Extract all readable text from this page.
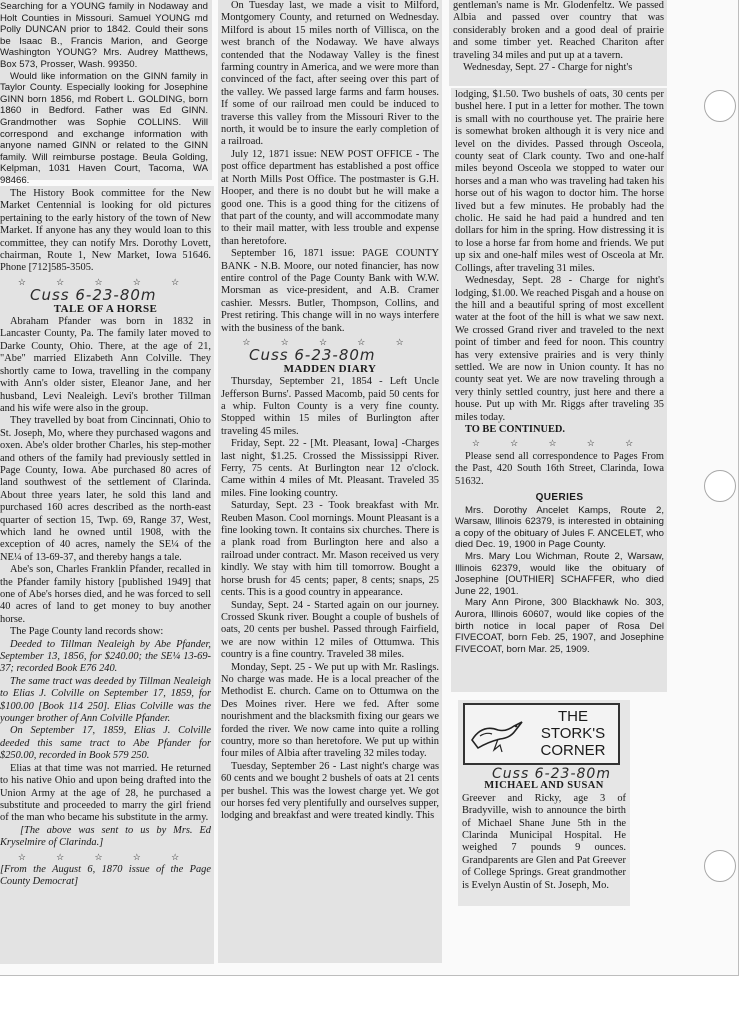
Searching for a YOUNG family in Nodaway and Holt Counties in Missouri. Samuel YOUNG md Polly DUNCAN prior to 1842. Could their sons be Isaac B., Francis Marion, and George Washington YOUNG? Mrs. Audrey Matthews, Box 573, Prosser, Wash. 99350.

Would like information on the GINN family in Taylor County. Especially looking for Josephine GINN born 1856, md Robert L. GOLDING, born 1860 in Bedford. Father was Ed GINN. Grandmother was Sophie COLLINS. Will correspond and exchange information with anyone named GINN or related to the GINN family. Will reimburse postage. Beula Golding, Kelpman, 1031 Haven Court, Tacoma, WA 98466.

The History Book committee for the New Market Centennial is looking for old pictures pertaining to the early history of the town of New Market. If anyone has any they would loan to this committee, they can notify Mrs. Dorothy Lovett, chairman, Route 1, New Market, Iowa 51646. Phone [712]585-3505.

☆ ☆ ☆ ☆ ☆
Cuss 6-23-80m
TALE OF A HORSE

Abraham Pfander was born in 1832 in Lancaster County, Pa. The family later moved to Darke County, Ohio. There, at the age of 21, "Abe" married Elizabeth Ann Colville. They shortly came to Iowa, travelling in the company with Ann's older sister, Eleanor Jane, and her husband, Levi Nealeigh. Levi's brother Tillman and his wife were also in the group.

They travelled by boat from Cincinnati, Ohio to St. Joseph, Mo, where they purchased wagons and oxen. Abe's older brother Charles, his step-mother and others of the family had previously settled in Page County, Iowa. Abe purchased 80 acres of land southwest of the settlement of Clarinda. About three years later, he sold this land and purchased 160 acres described as the north-east quarter of section 15, Twp. 69, Range 37, West, which land he owned until 1908, with the exception of 40 acres, namely the SE¼ of the NE¼ of 13-69-37, and thereby hangs a tale.

Abe's son, Charles Franklin Pfander, recalled in the Pfander family history [published 1949] that one of Abe's horses died, and he was forced to sell 40 acres of land to get money to buy another horse.

The Page County land records show:

Deeded to Tillman Nealeigh by Abe Pfander, September 13, 1856, for $240.00; the SE¼ 13-69-37; recorded Book E76 240.

The same tract was deeded by Tillman Nealeigh to Elias J. Colville on September 17, 1859, for $100.00 [Book 114 250]. Elias Colville was the younger brother of Ann Colville Pfander.

On September 17, 1859, Elias J. Colville deeded this same tract to Abe Pfander for $250.00, recorded in Book 579 250.

Elias at that time was not married. He returned to his native Ohio and upon being drafted into the Union Army at the age of 28, he purchased a substitute and proceeded to marry the girl friend of the man who became his substitute in the army.

[The above was sent to us by Mrs. Ed Kryselmire of Clarinda.]

☆ ☆ ☆ ☆ ☆

[From the August 6, 1870 issue of the Page County Democrat]

On Tuesday last, we made a visit to Milford, Montgomery County, and returned on Wednesday. Milford is about 15 miles north of Villisca, on the west branch of the Nodaway. We have always contended that the Nodaway Valley is the finest farming country in America, and we were more than convinced of the fact, after seeing over this part of the valley. We passed large farms and farm houses. If some of our railroad men could be induced to traverse this valley from the Missouri River to the north, it would be to insure the early completion of a railroad.

July 12, 1871 issue: NEW POST OFFICE - The post office department has established a post office at North Mills Post Office. The postmaster is G.H. Hooper, and there is no doubt but he will make a good one. This is a good thing for the citizens of that part of the county, and will accommodate many to their mail matter, with less trouble and expense than heretofore.

September 16, 1871 issue: PAGE COUNTY BANK - N.B. Moore, our noted financier, has now entire control of the Page County Bank with W.W. Morsman as vice-president, and A.B. Cramer cashier. Messrs. Butler, Thompson, Collins, and Prest retiring. This change will in no ways interfere with the business of the bank.

☆ ☆ ☆ ☆ ☆
Cuss 6-23-80m
MADDEN DIARY

Thursday, September 21, 1854 - Left Uncle Jefferson Burns'. Passed Macomb, paid 50 cents for a whip. Fulton County is a very fine county. Stopped within 15 miles of Burlington after traveling 45 miles.

Friday, Sept. 22 - [Mt. Pleasant, Iowa] -Charges last night, $1.25. Crossed the Mississippi River. Ferry, 75 cents. At Burlington near 12 o'clock. Came within 4 miles of Mt. Pleasant. Traveled 35 miles. Fine looking country.

Saturday, Sept. 23 - Took breakfast with Mr. Reuben Mason. Cool mornings. Mount Pleasant is a fine looking town. It contains six churches. There is a plank road from Burlington here and also a railroad under contract. Mr. Mason received us very kindly. We stay with him till tomorrow. Bought a horse brush for 45 cents; paper, 8 cents; snaps, 25 cents. This is a good country in appearance.

Sunday, Sept. 24 - Started again on our journey. Crossed Skunk river. Bought a couple of bushels of oats, 20 cents per bushel. Passed through Fairfield, we are now within 12 miles of Ottumwa. This country is a fine country. Traveled 38 miles.

Monday, Sept. 25 - We put up with Mr. Raslings. No charge was made. He is a local preacher of the Methodist E. church. Came on to Ottumwa on the Des Moines river. Here we fed. After some nourishment and the blacksmith fixing our gears we forded the river. We now came into quite a rolling country, more so than heretofore. We put up within four miles of Albia after traveling 32 miles today.

Tuesday, September 26 - Last night's charge was 60 cents and we bought 2 bushels of oats at 21 cents per bushel. This was the lowest charge yet. We got our horses fed very plentifully and ourselves supper, lodging and breakfast and were treated kindly. This

gentleman's name is Mr. Glodenfeltz. We passed Albia and passed over country that was considerably broken and a good deal of prairie and some timber yet. Reached Chariton after traveling 34 miles and put up at a tavern.

Wednesday, Sept. 27 - Charge for night's

lodging, $1.50. Two bushels of oats, 30 cents per bushel here. I put in a letter for mother. The town is small with no courthouse yet. The prairie here is somewhat broken although it is very nice and level on the divides. Passed through Osceola, county seat of Clark county. Two and one-half miles beyond Osceola we stopped to water our horses and a man who was traveling had taken his horse out of his wagon to doctor him. The horse lived but a few minutes. He probably had the cholic. He said he had paid a hundred and ten dollars for him in the spring. How distressing it is to lose a horse far from home and friends. We put up six and one-half miles west of Osceola at Mr. Collings, after traveling 31 miles.

Wednesday, Sept. 28 - Charge for night's lodging, $1.00. We reached Pisgah and a house on the hill and a beautiful spring of most excellent water at the foot of the hill is what we saw next. We crossed Grand river and traveled to the next point of timber and feed for noon. This country has very extensive prairies and is very thinly settled. We are now in Union county. It has no county seat yet. We are now traveling through a very thinly settled country, just here and there a house. Put up with Mr. Riggs after traveling 35 miles today.

TO BE CONTINUED.

☆ ☆ ☆ ☆ ☆

Please send all correspondence to Pages From the Past, 420 South 16th Street, Clarinda, Iowa 51632.

QUERIES

Mrs. Dorothy Ancelet Kamps, Route 2, Warsaw, Illinois 62379, is interested in obtaining a copy of the obituary of Jules F. ANCELET, who died Dec. 19, 1900 in Page County.

Mrs. Mary Lou Wichman, Route 2, Warsaw, Illinois 62379, would like the obituary of Josephine [OUTHIER] SCHAFFER, who died June 22, 1901.

Mary Ann Pirone, 300 Blackhawk No. 303, Aurora, Illinois 60607, would like copies of the birth notice in local paper of Rosa Del FIVECOAT, born Feb. 25, 1907, and Josephine FIVECOAT, born Mar. 25, 1909.

Cuss 6-23-80m
MICHAEL AND SUSAN

Greever and Ricky, age 3 of Bradyville, wish to announce the birth of Michael Shane June 5th in the Clarinda Municipal Hospital. He weighed 7 pounds 9 ounces. Grandparents are Glen and Pat Greever of College Springs. Great grandmother is Evelyn Austin of St. Joseph, Mo.

THE
STORK'S
CORNER
